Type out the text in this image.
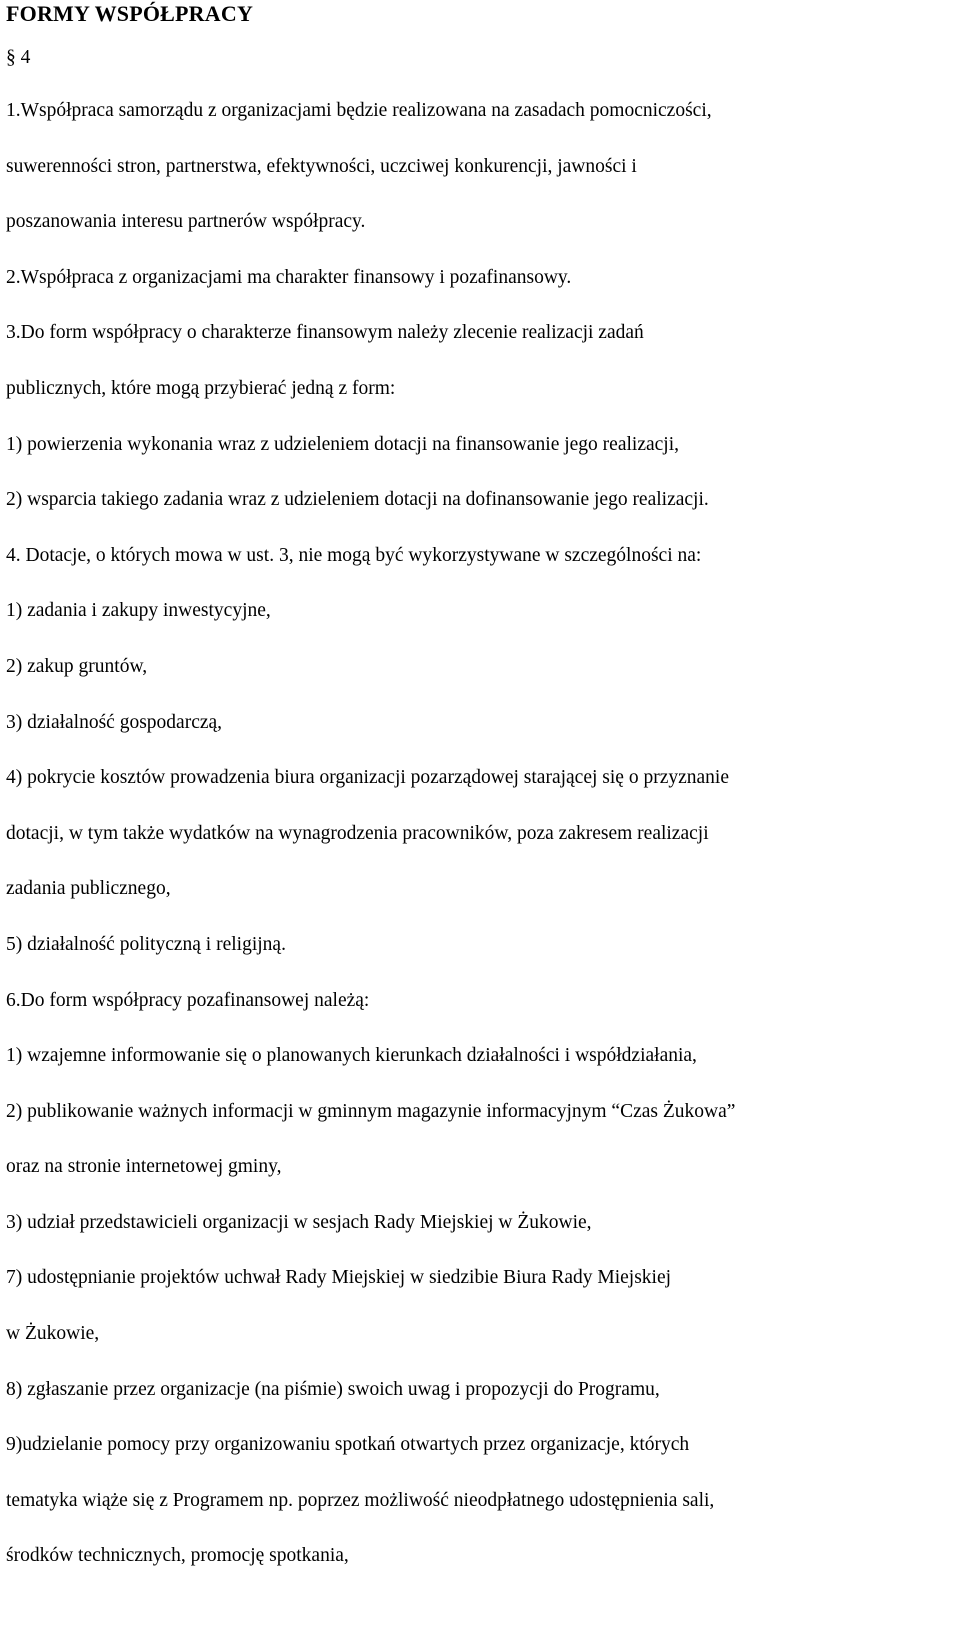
FORMY WSPÓŁPRACY

§ 4

1.Współpraca samorządu z organizacjami będzie realizowana na zasadach pomocniczości,

suwerenności stron, partnerstwa, efektywności, uczciwej konkurencji, jawności i

poszanowania interesu partnerów współpracy.

2.Współpraca z organizacjami ma charakter finansowy i pozafinansowy.

3.Do form współpracy o charakterze finansowym należy zlecenie realizacji zadań

publicznych, które mogą przybierać jedną z form:

1) powierzenia wykonania wraz z udzieleniem dotacji na finansowanie jego realizacji,

2) wsparcia takiego zadania wraz z udzieleniem dotacji na dofinansowanie jego realizacji.

4. Dotacje, o których mowa w ust. 3, nie mogą być wykorzystywane w szczególności na:

1) zadania i zakupy inwestycyjne,

2) zakup gruntów,

3) działalność gospodarczą,

4) pokrycie kosztów prowadzenia biura organizacji pozarządowej starającej się o przyznanie

dotacji, w tym także wydatków na wynagrodzenia pracowników, poza zakresem realizacji

zadania publicznego,

5) działalność polityczną i religijną.

6.Do form współpracy pozafinansowej należą:

1) wzajemne informowanie się o planowanych kierunkach działalności i współdziałania,

2) publikowanie ważnych informacji w gminnym magazynie informacyjnym “Czas Żukowa”

oraz na stronie internetowej gminy,

3) udział przedstawicieli organizacji w sesjach Rady Miejskiej w Żukowie,

7) udostępnianie projektów uchwał Rady Miejskiej w siedzibie Biura Rady Miejskiej

w Żukowie,

8) zgłaszanie przez organizacje (na piśmie) swoich uwag i propozycji do Programu,

9)udzielanie pomocy przy organizowaniu spotkań otwartych przez organizacje, których

tematyka wiąże się z Programem np. poprzez możliwość nieodpłatnego udostępnienia sali,

środków technicznych, promocję spotkania,
